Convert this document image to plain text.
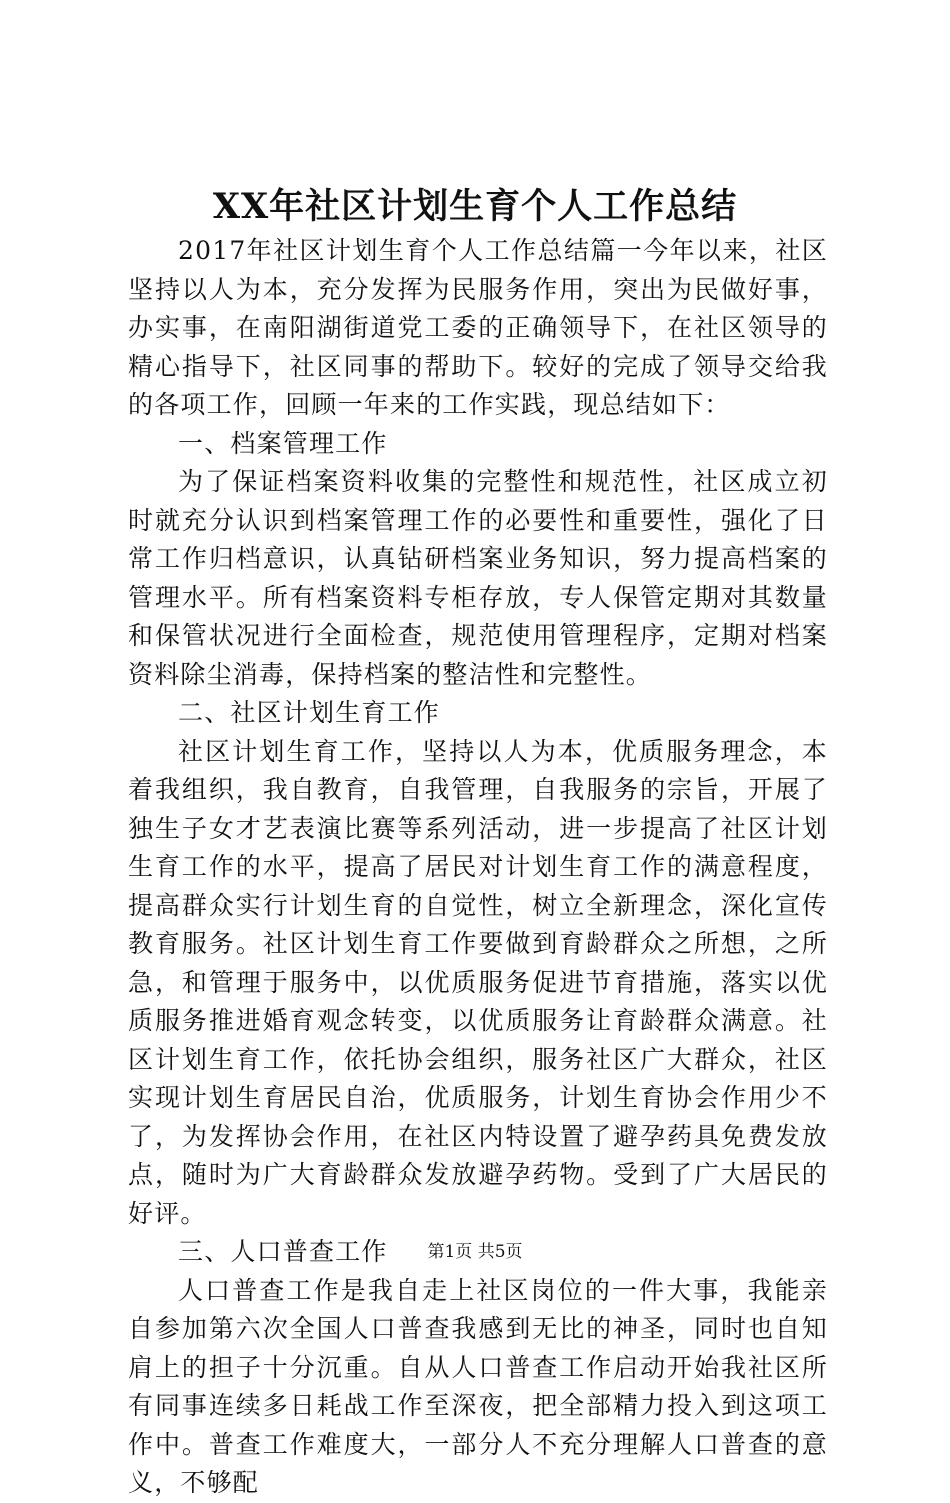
XX年社区计划生育个人工作总结

2017年社区计划生育个人工作总结篇一今年以来，社区坚持以人为本，充分发挥为民服务作用，突出为民做好事，办实事，在南阳湖街道党工委的正确领导下，在社区领导的精心指导下，社区同事的帮助下。较好的完成了领导交给我的各项工作，回顾一年来的工作实践，现总结如下：

一、档案管理工作

为了保证档案资料收集的完整性和规范性，社区成立初时就充分认识到档案管理工作的必要性和重要性，强化了日常工作归档意识，认真钻研档案业务知识，努力提高档案的管理水平。所有档案资料专柜存放，专人保管定期对其数量和保管状况进行全面检查，规范使用管理程序，定期对档案资料除尘消毒，保持档案的整洁性和完整性。

二、社区计划生育工作

社区计划生育工作，坚持以人为本，优质服务理念，本着我组织，我自教育，自我管理，自我服务的宗旨，开展了独生子女才艺表演比赛等系列活动，进一步提高了社区计划生育工作的水平，提高了居民对计划生育工作的满意程度，提高群众实行计划生育的自觉性，树立全新理念，深化宣传教育服务。社区计划生育工作要做到育龄群众之所想，之所急，和管理于服务中，以优质服务促进节育措施，落实以优质服务推进婚育观念转变，以优质服务让育龄群众满意。社区计划生育工作，依托协会组织，服务社区广大群众，社区实现计划生育居民自治，优质服务，计划生育协会作用少不了，为发挥协会作用，在社区内特设置了避孕药具免费发放点，随时为广大育龄群众发放避孕药物。受到了广大居民的好评。

三、人口普查工作

人口普查工作是我自走上社区岗位的一件大事，我能亲自参加第六次全国人口普查我感到无比的神圣，同时也自知肩上的担子十分沉重。自从人口普查工作启动开始我社区所有同事连续多日耗战工作至深夜，把全部精力投入到这项工作中。普查工作难度大，一部分人不充分理解人口普查的意义，不够配

第1页 共5页
